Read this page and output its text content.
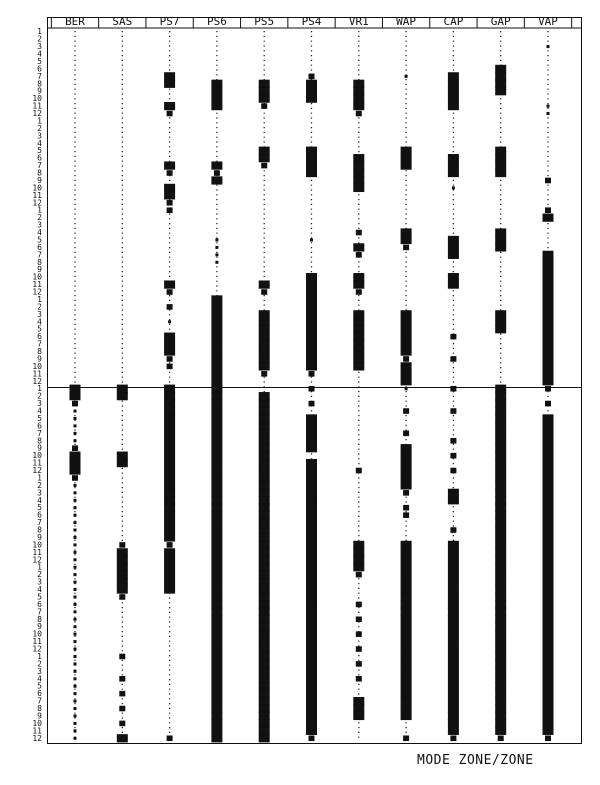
BER SAS PS7 PS6 PS5 PS4 VR1 WAP CAP GAP VAP
1
2
3
4
5
6
7
8
9
10
11
12
1
2
3
4
5
6
7
8
9
10
11
12
1
2
3
4
5
6
7
8
9
10
11
12
1
2
3
4
5
6
7
8
9
10
11
12
1
2
3
4
5
6
7
8
9
10
11
12
1
2
3
4
5
6
7
8
9
10
11
12
1
2
3
4
5
6
7
8
9
10
11
12
1
2
3
4
5
6
7
8
9
10
11
12
MODE ZONE/ZONE
